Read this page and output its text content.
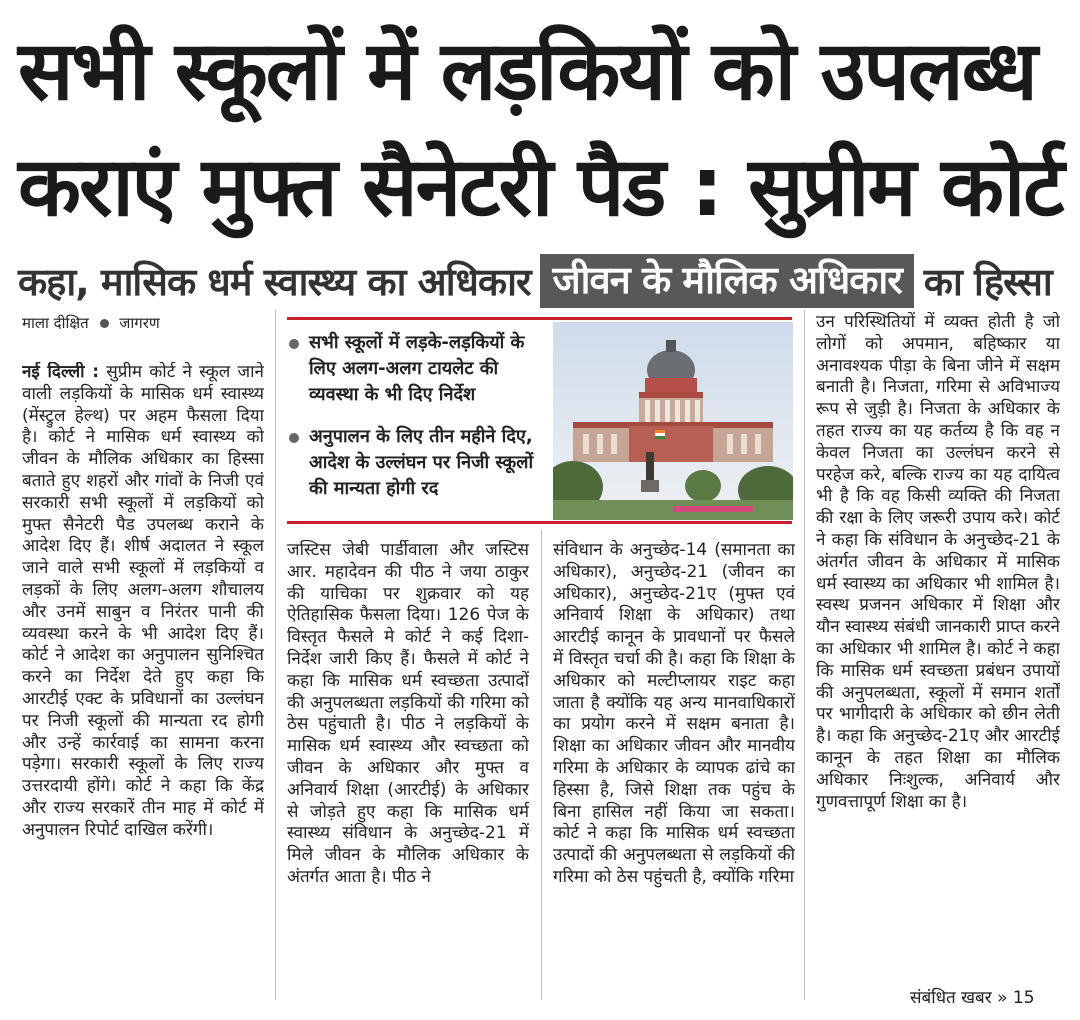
सभी स्कूलों में लड़कियों को उपलब्ध
कराएं मुफ्त सैनेटरी पैड : सुप्रीम कोर्ट
कहा, मासिक धर्म स्वास्थ्य का अधिकार जीवन के मौलिक अधिकार का हिस्सा
माला दीक्षित जागरण

नई दिल्ली : सुप्रीम कोर्ट ने स्कूल जाने वाली लड़कियों के मासिक धर्म स्वास्थ्य (मेंस्ट्रुल हेल्थ) पर अहम फैसला दिया है। कोर्ट ने मासिक धर्म स्वास्थ्य को जीवन के मौलिक अधिकार का हिस्सा बताते हुए शहरों और गांवों के निजी एवं सरकारी सभी स्कूलों में लड़कियों को मुफ्त सैनेटरी पैड उपलब्ध कराने के आदेश दिए हैं। शीर्ष अदालत ने स्कूल जाने वाले सभी स्कूलों में लड़कियों व लड़कों के लिए अलग-अलग शौचालय और उनमें साबुन व निरंतर पानी की व्यवस्था करने के भी आदेश दिए हैं। कोर्ट ने आदेश का अनुपालन सुनिश्चित करने का निर्देश देते हुए कहा कि आरटीई एक्ट के प्रविधानों का उल्लंघन पर निजी स्कूलों की मान्यता रद होगी और उन्हें कार्रवाई का सामना करना पड़ेगा। सरकारी स्कूलों के लिए राज्य उत्तरदायी होंगे। कोर्ट ने कहा कि केंद्र और राज्य सरकारें तीन माह में कोर्ट में अनुपालन रिपोर्ट दाखिल करेंगी।

सभी स्कूलों में लड़के-लड़कियों के लिए अलग-अलग टायलेट की व्यवस्था के भी दिए निर्देश
अनुपालन के लिए तीन महीने दिए, आदेश के उल्लंघन पर निजी स्कूलों की मान्यता होगी रद

जस्टिस जेबी पार्डीवाला और जस्टिस आर. महादेवन की पीठ ने जया ठाकुर की याचिका पर शुक्रवार को यह ऐतिहासिक फैसला दिया। 126 पेज के विस्तृत फैसले मे कोर्ट ने कई दिशा-निर्देश जारी किए हैं। फैसले में कोर्ट ने कहा कि मासिक धर्म स्वच्छता उत्पादों की अनुपलब्धता लड़कियों की गरिमा को ठेस पहुंचाती है। पीठ ने लड़कियों के मासिक धर्म स्वास्थ्य और स्वच्छता को जीवन के अधिकार और मुफ्त व अनिवार्य शिक्षा (आरटीई) के अधिकार से जोड़ते हुए कहा कि मासिक धर्म स्वास्थ्य संविधान के अनुच्छेद-21 में मिले जीवन के मौलिक अधिकार के अंतर्गत आता है। पीठ ने

संविधान के अनुच्छेद-14 (समानता का अधिकार), अनुच्छेद-21 (जीवन का अधिकार), अनुच्छेद-21ए (मुफ्त एवं अनिवार्य शिक्षा के अधिकार) तथा आरटीई कानून के प्रावधानों पर फैसले में विस्तृत चर्चा की है। कहा कि शिक्षा के अधिकार को मल्टीप्लायर राइट कहा जाता है क्योंकि यह अन्य मानवाधिकारों का प्रयोग करने में सक्षम बनाता है। शिक्षा का अधिकार जीवन और मानवीय गरिमा के अधिकार के व्यापक ढांचे का हिस्सा है, जिसे शिक्षा तक पहुंच के बिना हासिल नहीं किया जा सकता। कोर्ट ने कहा कि मासिक धर्म स्वच्छता उत्पादों की अनुपलब्धता से लड़कियों की गरिमा को ठेस पहुंचती है, क्योंकि गरिमा

उन परिस्थितियों में व्यक्त होती है जो लोगों को अपमान, बहिष्कार या अनावश्यक पीड़ा के बिना जीने में सक्षम बनाती है। निजता, गरिमा से अविभाज्य रूप से जुड़ी है। निजता के अधिकार के तहत राज्य का यह कर्तव्य है कि वह न केवल निजता का उल्लंघन करने से परहेज करे, बल्कि राज्य का यह दायित्व भी है कि वह किसी व्यक्ति की निजता की रक्षा के लिए जरूरी उपाय करे। कोर्ट ने कहा कि संविधान के अनुच्छेद-21 के अंतर्गत जीवन के अधिकार में मासिक धर्म स्वास्थ्य का अधिकार भी शामिल है। स्वस्थ प्रजनन अधिकार में शिक्षा और यौन स्वास्थ्य संबंधी जानकारी प्राप्त करने का अधिकार भी शामिल है। कोर्ट ने कहा कि मासिक धर्म स्वच्छता प्रबंधन उपायों की अनुपलब्धता, स्कूलों में समान शर्तों पर भागीदारी के अधिकार को छीन लेती है। कहा कि अनुच्छेद-21ए और आरटीई कानून के तहत शिक्षा का मौलिक अधिकार निःशुल्क, अनिवार्य और गुणवत्तापूर्ण शिक्षा का है।

संबंधित खबर » 15
